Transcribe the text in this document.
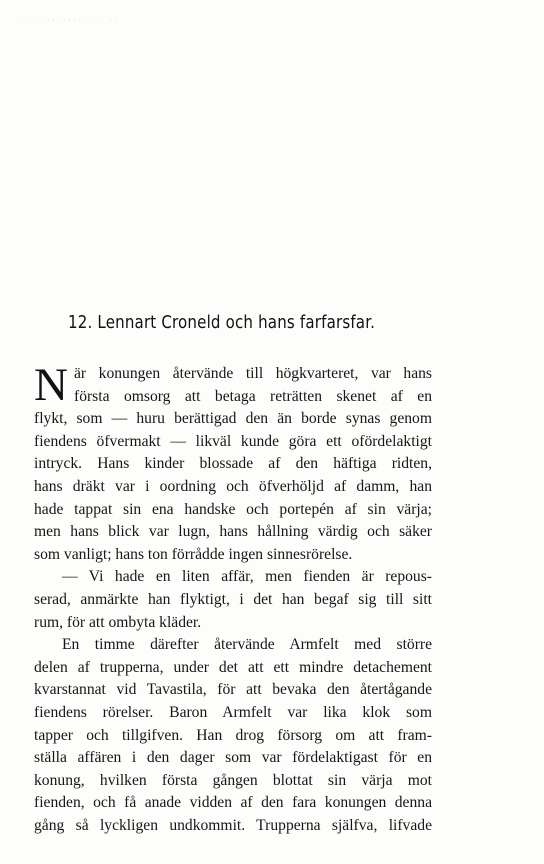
. _ ........ . . ..
12. Lennart Croneld och hans farfarsfar.
N är konungen återvände till högkvarteret, var hans
första omsorg att betaga reträtten skenet af en
flykt, som — huru berättigad den än borde synas genom
fiendens öfvermakt — likväl kunde göra ett ofördelaktigt
intryck. Hans kinder blossade af den häftiga ridten,
hans dräkt var i oordning och öfverhöljd af damm, han
hade tappat sin ena handske och portepén af sin värja;
men hans blick var lugn, hans hållning värdig och säker
som vanligt; hans ton förrådde ingen sinnesrörelse.
— Vi hade en liten affär, men fienden är repous-
serad, anmärkte han flyktigt, i det han begaf sig till sitt
rum, för att ombyta kläder.
En timme därefter återvände Armfelt med större
delen af trupperna, under det att ett mindre detachement
kvarstannat vid Tavastila, för att bevaka den återtågande
fiendens rörelser. Baron Armfelt var lika klok som
tapper och tillgifven. Han drog försorg om att fram-
ställa affären i den dager som var fördelaktigast för en
konung, hvilken första gången blottat sin värja mot
fienden, och få anade vidden af den fara konungen denna
gång så lyckligen undkommit. Trupperna själfva, lifvade
